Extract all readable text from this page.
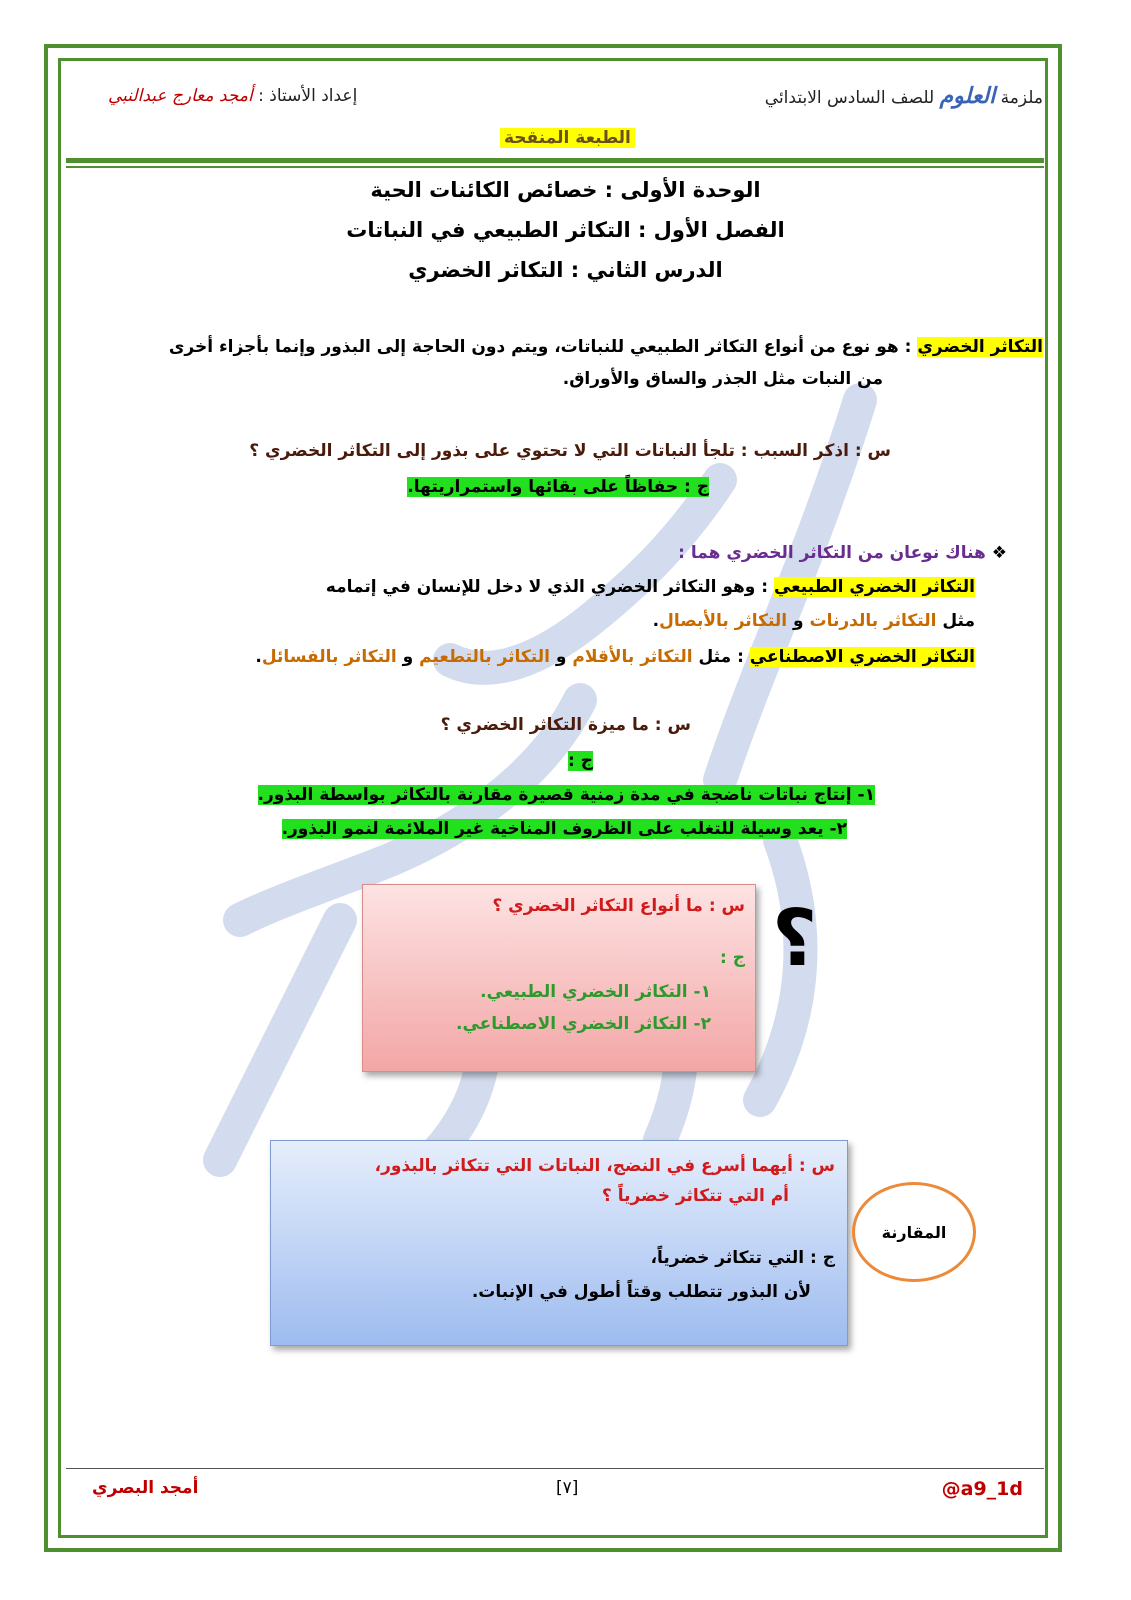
ملزمة العلوم للصف السادس الابتدائي
إعداد الأستاذ : أمجد معارج عبدالنبي
الطبعة المنقحة
الوحدة الأولى : خصائص الكائنات الحية
الفصل الأول : التكاثر الطبيعي في النباتات
الدرس الثاني : التكاثر الخضري
التكاثر الخضري : هو نوع من أنواع التكاثر الطبيعي للنباتات، ويتم دون الحاجة إلى البذور وإنما بأجزاء أخرى
من النبات مثل الجذر والساق والأوراق.
س : اذكر السبب : تلجأ النباتات التي لا تحتوي على بذور إلى التكاثر الخضري ؟
ج : حفاظاً على بقائها واستمراريتها.
❖ هناك نوعان من التكاثر الخضري هما :
التكاثر الخضري الطبيعي : وهو التكاثر الخضري الذي لا دخل للإنسان في إتمامه
مثل التكاثر بالدرنات و التكاثر بالأبصال.
التكاثر الخضري الاصطناعي : مثل التكاثر بالأقلام و التكاثر بالتطعيم و التكاثر بالفسائل.
س : ما ميزة التكاثر الخضري ؟
ج :
١- إنتاج نباتات ناضجة في مدة زمنية قصيرة مقارنة بالتكاثر بواسطة البذور.
٢- يعد وسيلة للتغلب على الظروف المناخية غير الملائمة لنمو البذور.
س : ما أنواع التكاثر الخضري ؟
ج :
١- التكاثر الخضري الطبيعي.
٢- التكاثر الخضري الاصطناعي.
؟
س : أيهما أسرع في النضج، النباتات التي تتكاثر بالبذور،
أم التي تتكاثر خضرياً ؟
ج : التي تتكاثر خضرياً،
لأن البذور تتطلب وقتاً أطول في الإنبات.
المقارنة
@a9_1d
[٧]
أمجد البصري
